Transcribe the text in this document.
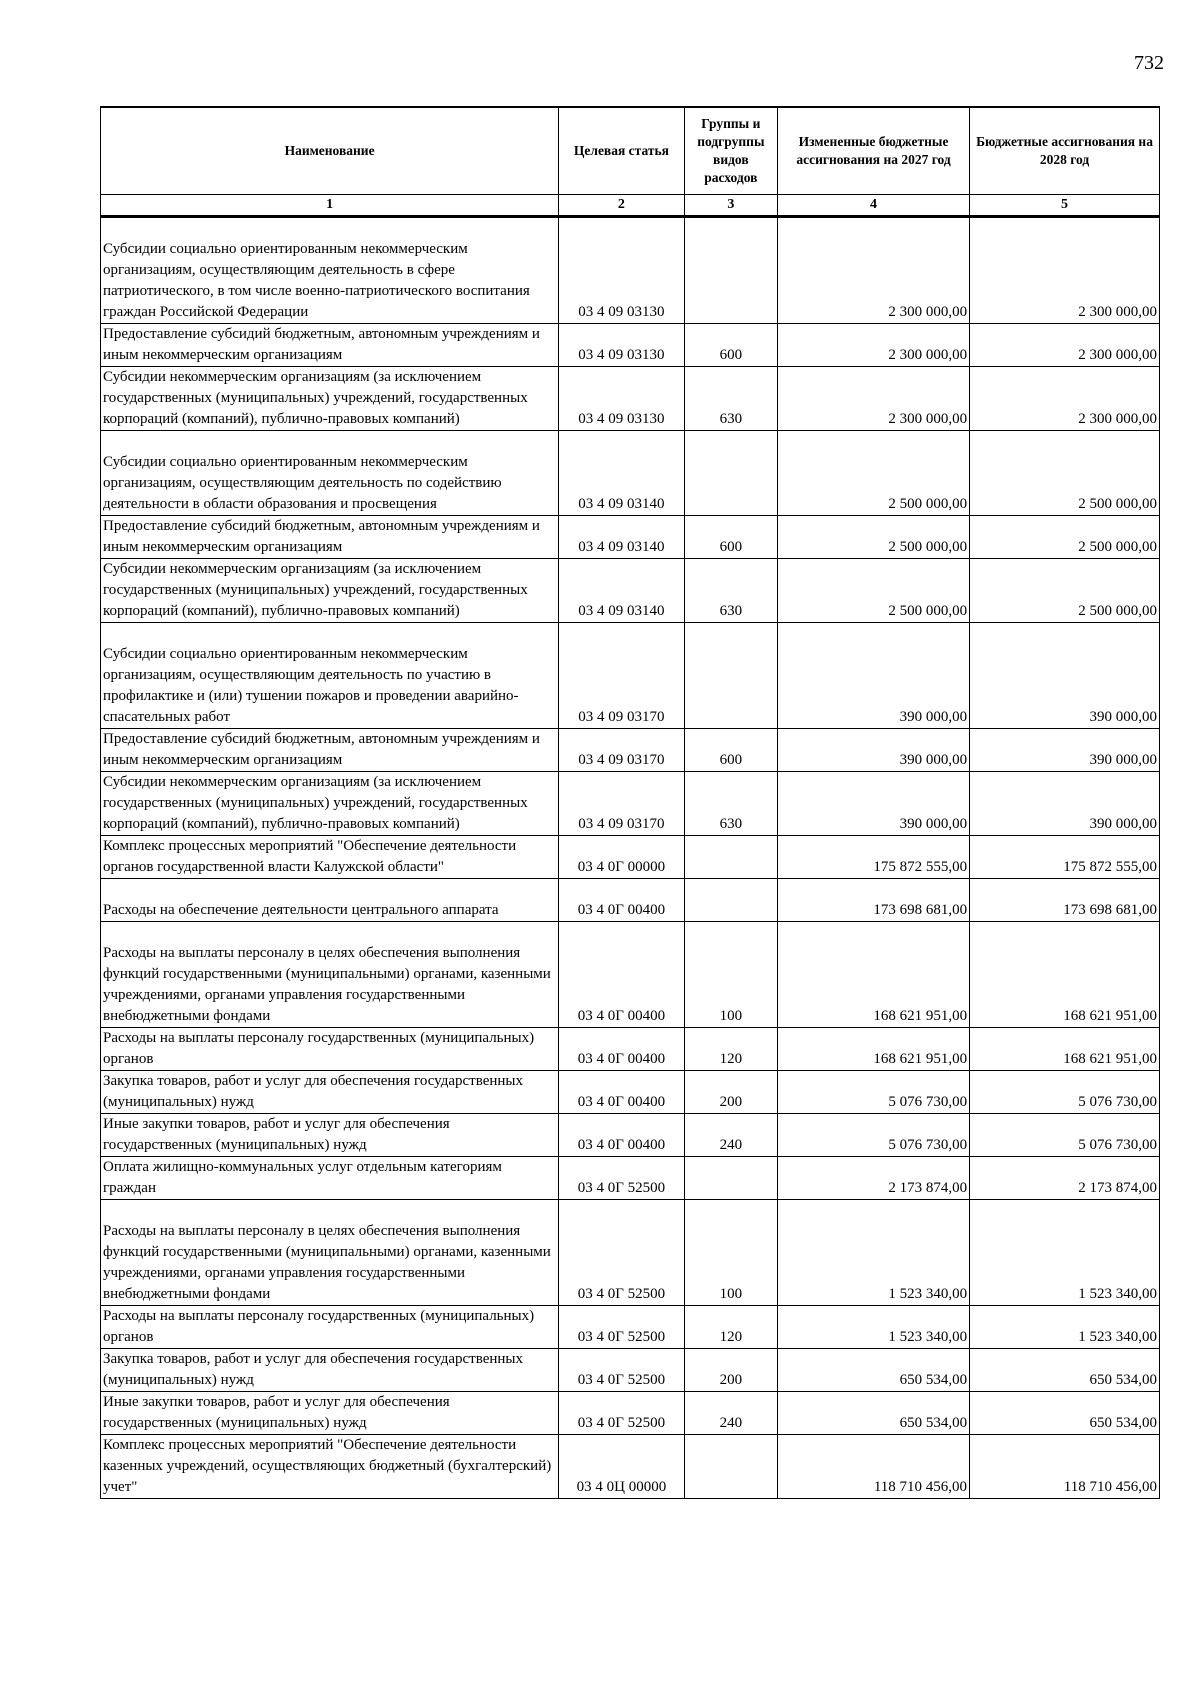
732
Наименование	Целевая статья	Группы и подгруппы видов расходов	Измененные бюджетные ассигнования на 2027 год	Бюджетные ассигнования на 2028 год
1	2	3	4	5
Субсидии социально ориентированным некоммерческим организациям, осуществляющим деятельность в сфере патриотического, в том числе военно-патриотического воспитания граждан Российской Федерации	03 4 09 03130		2 300 000,00	2 300 000,00
Предоставление субсидий бюджетным, автономным учреждениям и иным некоммерческим организациям	03 4 09 03130	600	2 300 000,00	2 300 000,00
Субсидии некоммерческим организациям (за исключением государственных (муниципальных) учреждений, государственных корпораций (компаний), публично-правовых компаний)	03 4 09 03130	630	2 300 000,00	2 300 000,00
Субсидии социально ориентированным некоммерческим организациям, осуществляющим деятельность по содействию деятельности в области образования и просвещения	03 4 09 03140		2 500 000,00	2 500 000,00
Предоставление субсидий бюджетным, автономным учреждениям и иным некоммерческим организациям	03 4 09 03140	600	2 500 000,00	2 500 000,00
Субсидии некоммерческим организациям (за исключением государственных (муниципальных) учреждений, государственных корпораций (компаний), публично-правовых компаний)	03 4 09 03140	630	2 500 000,00	2 500 000,00
Субсидии социально ориентированным некоммерческим организациям, осуществляющим деятельность по участию в профилактике и (или) тушении пожаров и проведении аварийно-спасательных работ	03 4 09 03170		390 000,00	390 000,00
Предоставление субсидий бюджетным, автономным учреждениям и иным некоммерческим организациям	03 4 09 03170	600	390 000,00	390 000,00
Субсидии некоммерческим организациям (за исключением государственных (муниципальных) учреждений, государственных корпораций (компаний), публично-правовых компаний)	03 4 09 03170	630	390 000,00	390 000,00
Комплекс процессных мероприятий "Обеспечение деятельности органов государственной власти Калужской области"	03 4 0Г 00000		175 872 555,00	175 872 555,00
Расходы на обеспечение деятельности центрального аппарата	03 4 0Г 00400		173 698 681,00	173 698 681,00
Расходы на выплаты персоналу в целях обеспечения выполнения функций государственными (муниципальными) органами, казенными учреждениями, органами управления государственными внебюджетными фондами	03 4 0Г 00400	100	168 621 951,00	168 621 951,00
Расходы на выплаты персоналу государственных (муниципальных) органов	03 4 0Г 00400	120	168 621 951,00	168 621 951,00
Закупка товаров, работ и услуг для обеспечения государственных (муниципальных) нужд	03 4 0Г 00400	200	5 076 730,00	5 076 730,00
Иные закупки товаров, работ и услуг для обеспечения государственных (муниципальных) нужд	03 4 0Г 00400	240	5 076 730,00	5 076 730,00
Оплата жилищно-коммунальных услуг отдельным категориям граждан	03 4 0Г 52500		2 173 874,00	2 173 874,00
Расходы на выплаты персоналу в целях обеспечения выполнения функций государственными (муниципальными) органами, казенными учреждениями, органами управления государственными внебюджетными фондами	03 4 0Г 52500	100	1 523 340,00	1 523 340,00
Расходы на выплаты персоналу государственных (муниципальных) органов	03 4 0Г 52500	120	1 523 340,00	1 523 340,00
Закупка товаров, работ и услуг для обеспечения государственных (муниципальных) нужд	03 4 0Г 52500	200	650 534,00	650 534,00
Иные закупки товаров, работ и услуг для обеспечения государственных (муниципальных) нужд	03 4 0Г 52500	240	650 534,00	650 534,00
Комплекс процессных мероприятий "Обеспечение деятельности казенных учреждений, осуществляющих бюджетный (бухгалтерский) учет"	03 4 0Ц 00000		118 710 456,00	118 710 456,00
